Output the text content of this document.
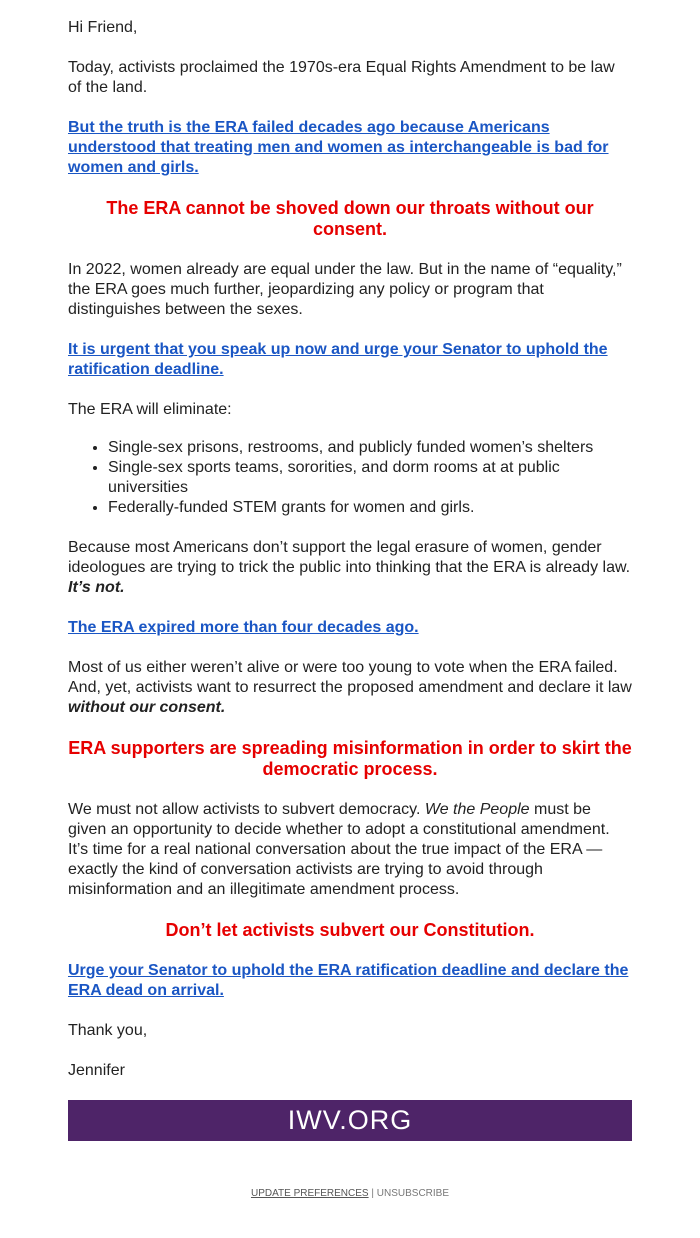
Hi Friend,

Today, activists proclaimed the 1970s-era Equal Rights Amendment to be law of the land.

But the truth is the ERA failed decades ago because Americans understood that treating men and women as interchangeable is bad for women and girls.

The ERA cannot be shoved down our throats without our consent.

In 2022, women already are equal under the law. But in the name of “equality,” the ERA goes much further, jeopardizing any policy or program that distinguishes between the sexes.

It is urgent that you speak up now and urge your Senator to uphold the ratification deadline.

The ERA will eliminate:

• Single-sex prisons, restrooms, and publicly funded women’s shelters
• Single-sex sports teams, sororities, and dorm rooms at at public universities
• Federally-funded STEM grants for women and girls.

Because most Americans don’t support the legal erasure of women, gender ideologues are trying to trick the public into thinking that the ERA is already law. It’s not.

The ERA expired more than four decades ago.

Most of us either weren’t alive or were too young to vote when the ERA failed. And, yet, activists want to resurrect the proposed amendment and declare it law without our consent.

ERA supporters are spreading misinformation in order to skirt the democratic process.

We must not allow activists to subvert democracy. We the People must be given an opportunity to decide whether to adopt a constitutional amendment. It’s time for a real national conversation about the true impact of the ERA — exactly the kind of conversation activists are trying to avoid through misinformation and an illegitimate amendment process.

Don’t let activists subvert our Constitution.

Urge your Senator to uphold the ERA ratification deadline and declare the ERA dead on arrival.

Thank you,

Jennifer

IWV.ORG
UPDATE PREFERENCES | UNSUBSCRIBE
